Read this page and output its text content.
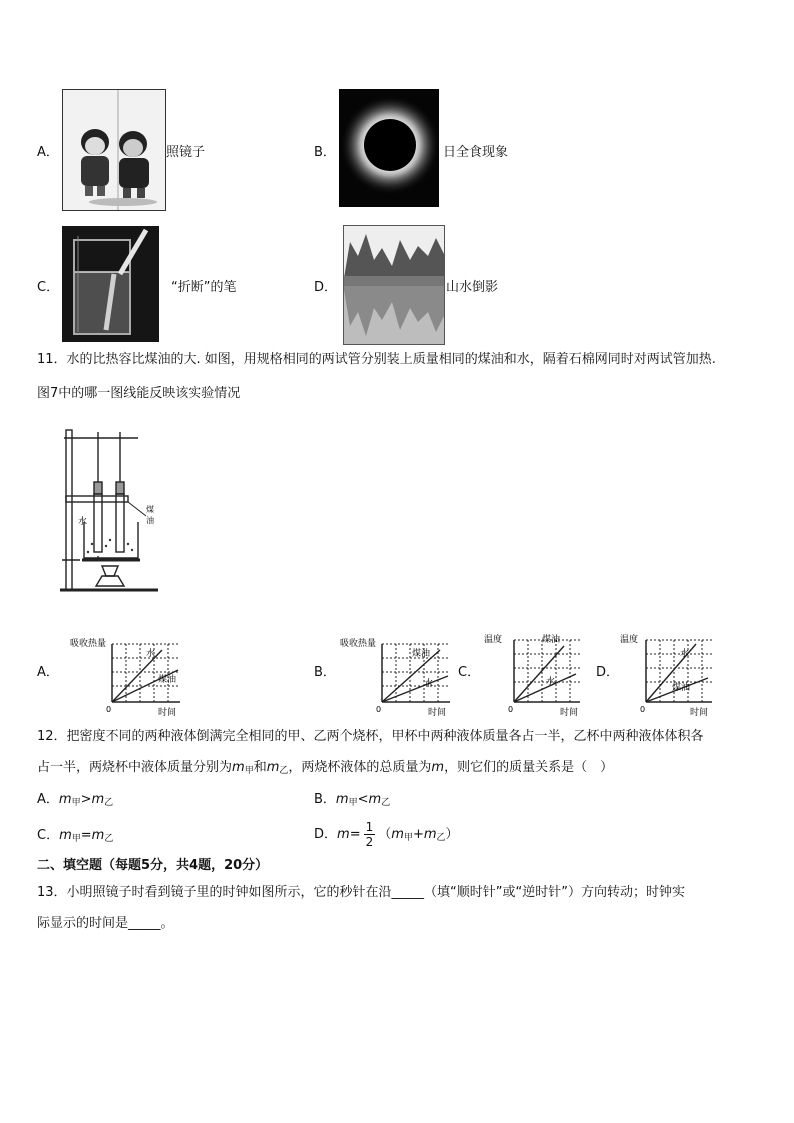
A．	照镜子	B．	日全食现象
C．	“折断”的笔	D．	山水倒影
11．水的比热容比煤油的大. 如图，用规格相同的两试管分别装上质量相同的煤油和水，隔着石棉网同时对两试管加热.
图7中的哪一图线能反映该实验情况
水
煤
油
A．
吸收热量
水
煤油
0	时间
B．
吸收热量
煤油
水
0	时间
C．
温度	煤油
水
0	时间
D．
温度
水
煤油
0	时间
12．把密度不同的两种液体倒满完全相同的甲、乙两个烧杯，甲杯中两种液体质量各占一半，乙杯中两种液体体积各
占一半，两烧杯中液体质量分别为$m_甲$和$m_乙$，两烧杯液体的总质量为m，则它们的质量关系是（　）
A．$m_甲>m_乙$	B．$m_甲<m_乙$
C．$m_甲=m_乙$	D．$m= \frac{1}{2} (m_甲+m_乙)$
二、填空题（每题5分，共4题，20分）
13．小明照镜子时看到镜子里的时钟如图所示，它的秒针在沿_____（填“顺时针”或“逆时针”）方向转动；时钟实
际显示的时间是_____。
